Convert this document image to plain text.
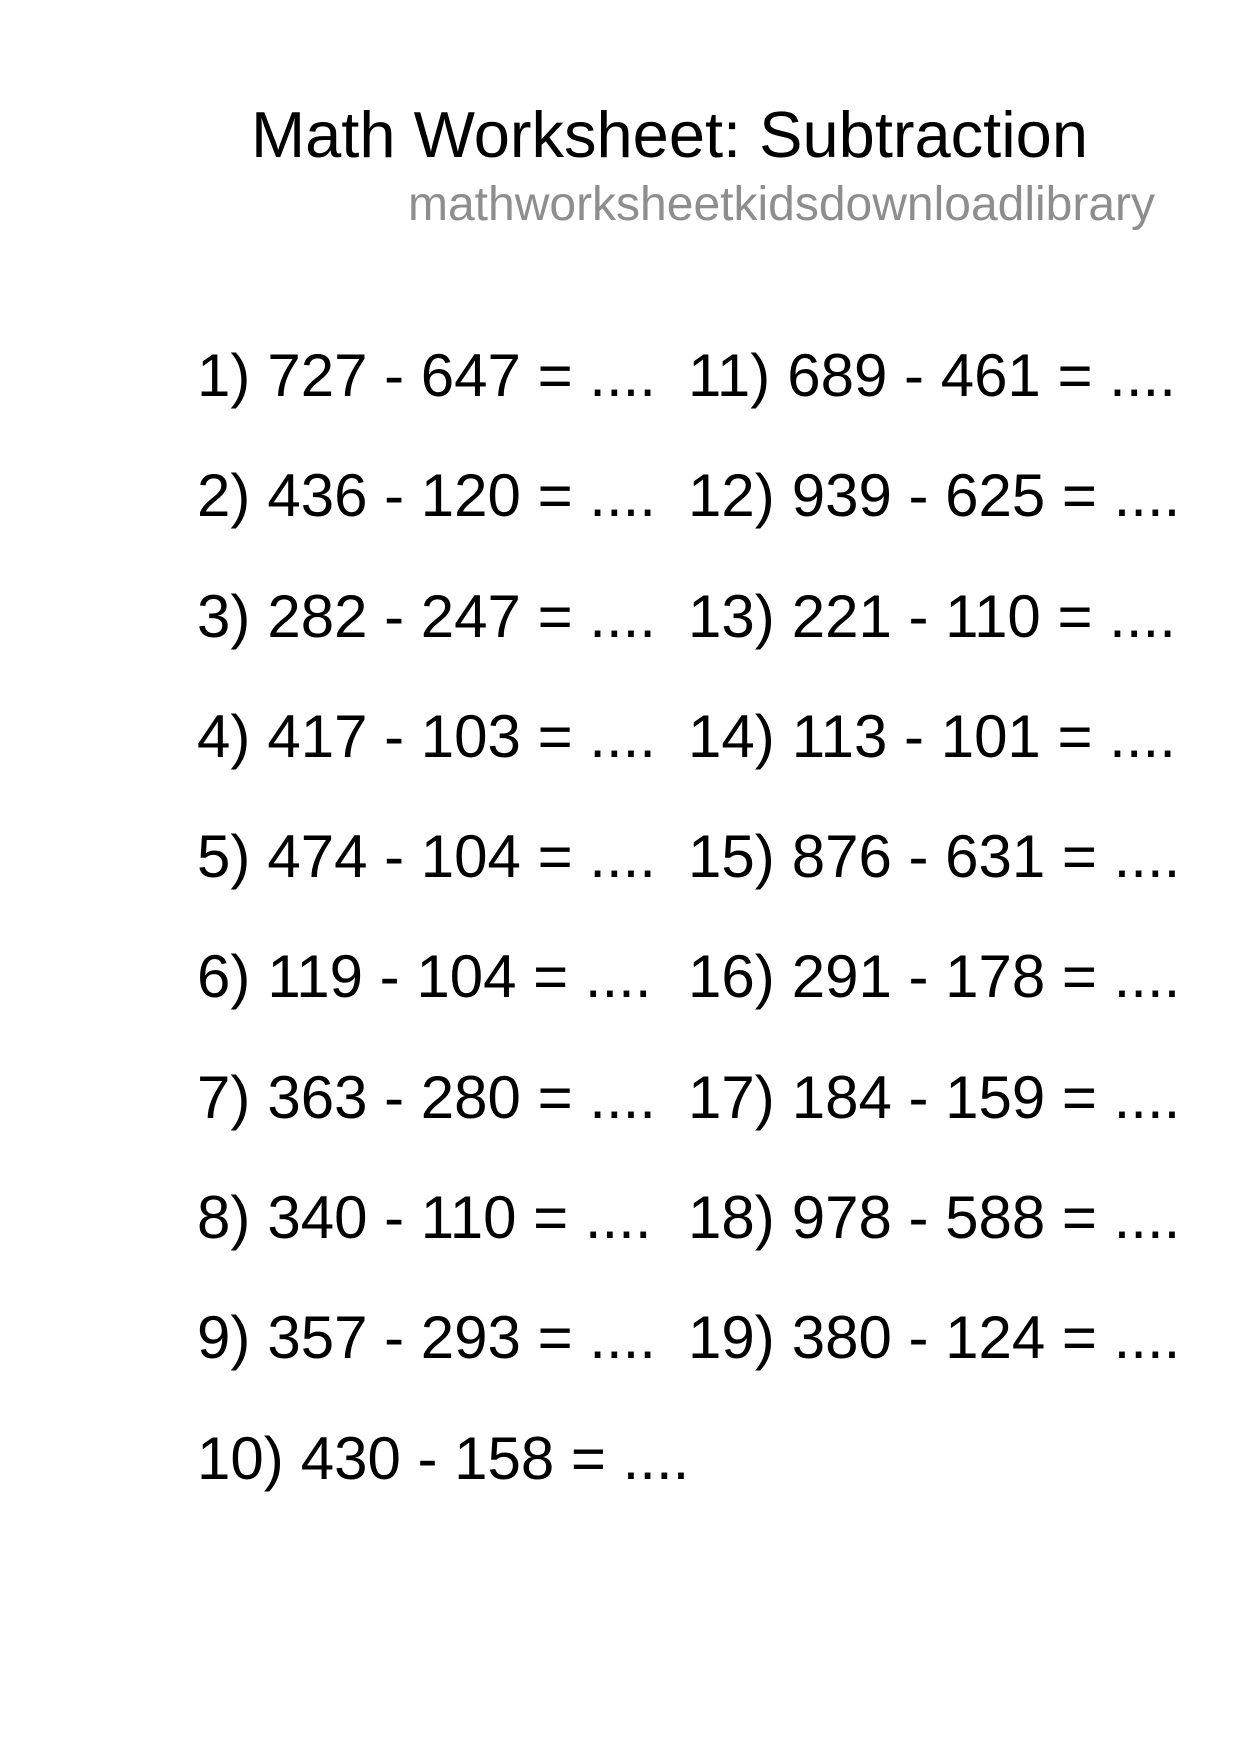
Math Worksheet: Subtraction
mathworksheetkidsdownloadlibrary
1) 727 - 647 = ....
2) 436 - 120 = ....
3) 282 - 247 = ....
4) 417 - 103 = ....
5) 474 - 104 = ....
6) 119 - 104 = ....
7) 363 - 280 = ....
8) 340 - 110 = ....
9) 357 - 293 = ....
10) 430 - 158 = ....
11) 689 - 461 = ....
12) 939 - 625 = ....
13) 221 - 110 = ....
14) 113 - 101 = ....
15) 876 - 631 = ....
16) 291 - 178 = ....
17) 184 - 159 = ....
18) 978 - 588 = ....
19) 380 - 124 = ....
